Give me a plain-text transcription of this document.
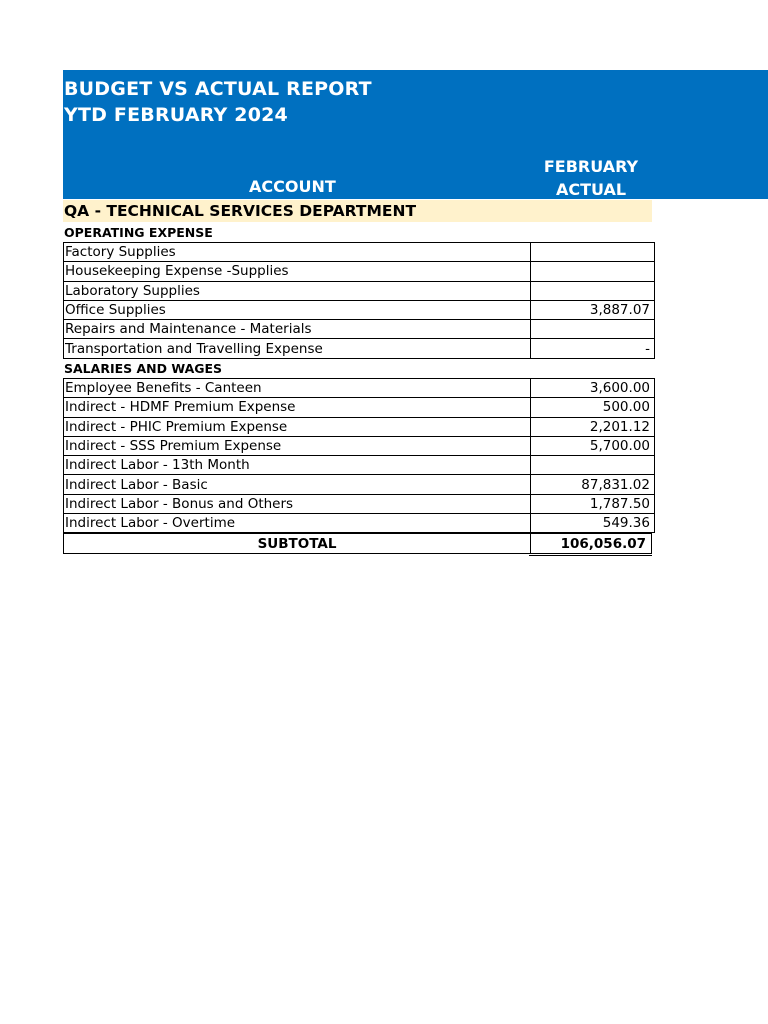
BUDGET VS ACTUAL REPORT
YTD FEBRUARY 2024
ACCOUNT
FEBRUARY
ACTUAL
QA - TECHNICAL SERVICES DEPARTMENT
OPERATING EXPENSE
Factory Supplies	
Housekeeping Expense -Supplies	
Laboratory Supplies	
Office Supplies	3,887.07
Repairs and Maintenance - Materials	
Transportation and Travelling Expense	-
SALARIES AND WAGES
Employee Benefits - Canteen	3,600.00
Indirect - HDMF Premium Expense	500.00
Indirect - PHIC Premium Expense	2,201.12
Indirect - SSS Premium Expense	5,700.00
Indirect Labor - 13th Month	
Indirect Labor - Basic	87,831.02
Indirect Labor - Bonus and Others	1,787.50
Indirect Labor - Overtime	549.36
SUBTOTAL	106,056.07
